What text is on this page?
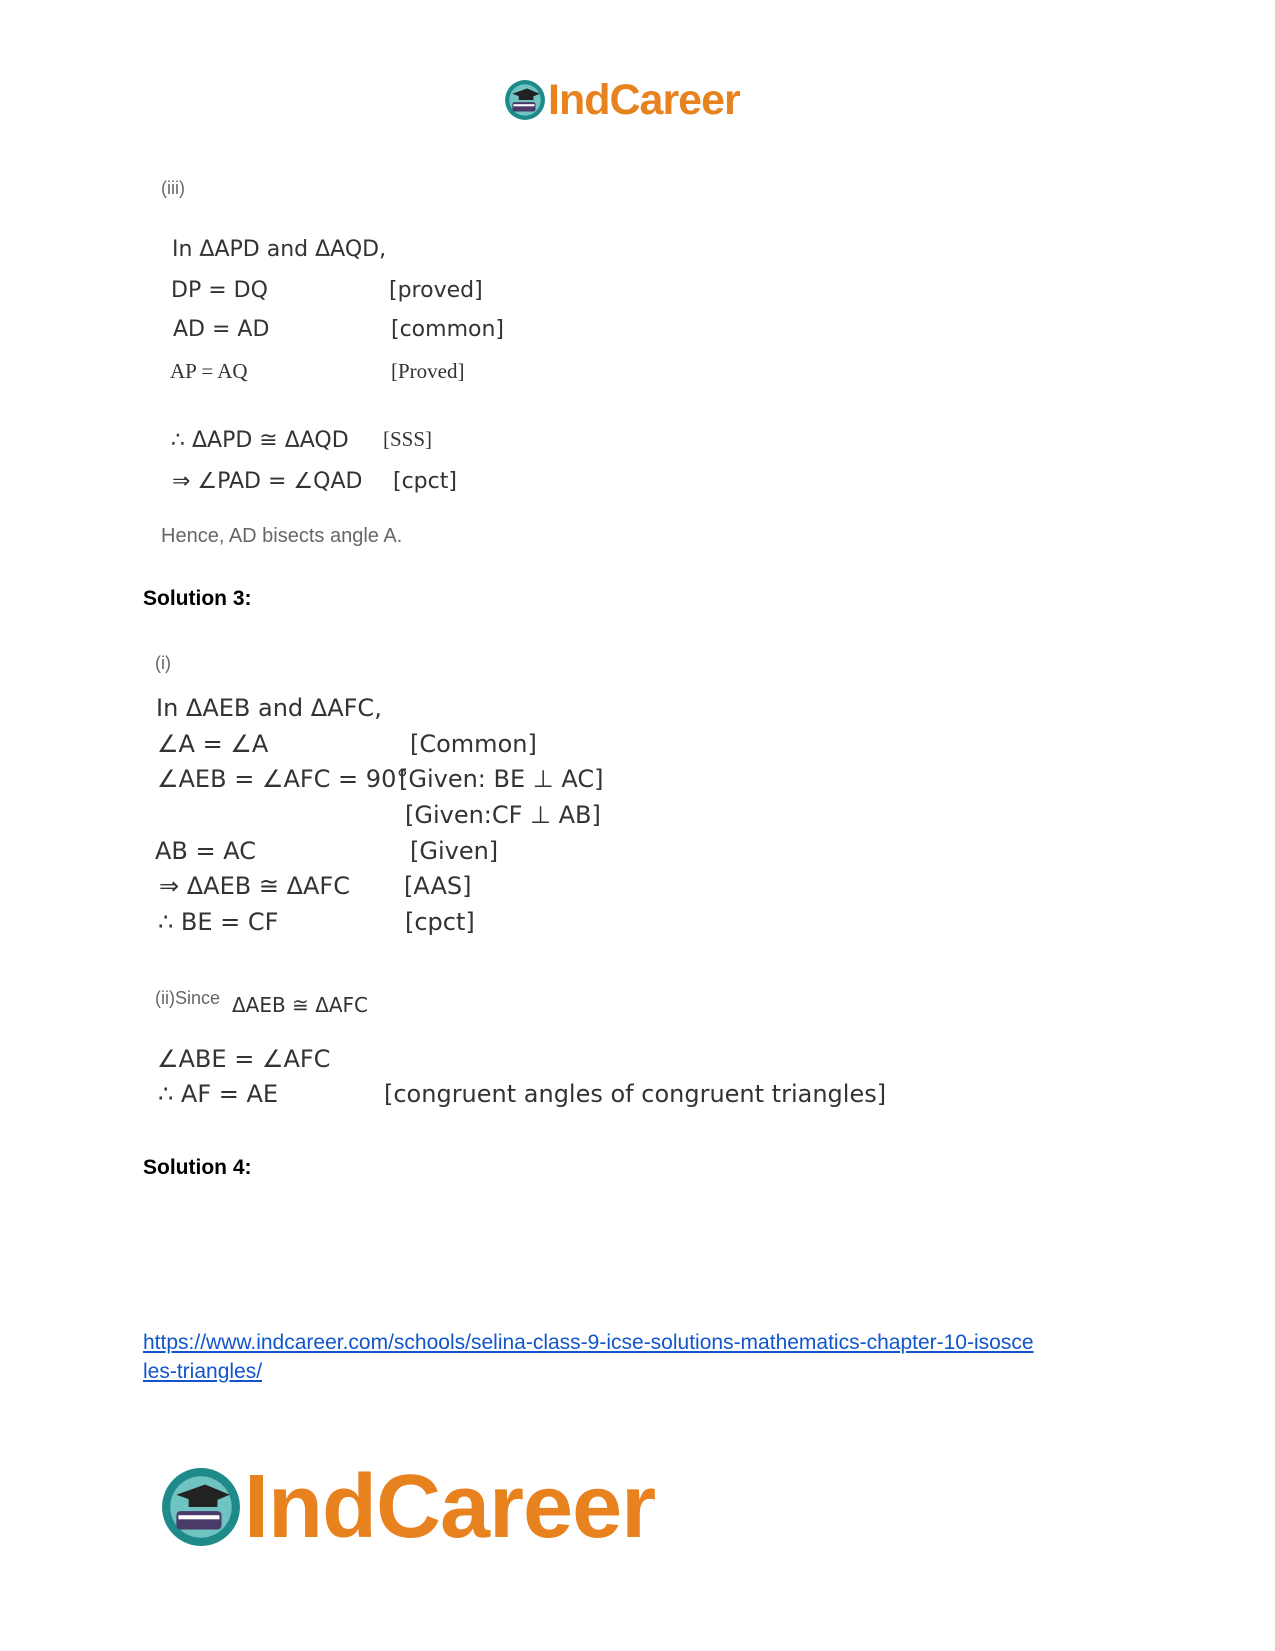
IndCareer
(iii)
In ΔAPD and ΔAQD,
DP = DQ	[proved]
AD = AD	[common]
AP = AQ	[Proved]
∴ ΔAPD ≅ ΔAQD [SSS]
⇒ ∠PAD = ∠QAD [cpct]
Hence, AD bisects angle A.
Solution 3:
(i)
In ΔAEB and ΔAFC,
∠A = ∠A	[Common]
∠AEB = ∠AFC = 90°
[Given: BE ⊥ AC]
[Given:CF ⊥ AB]
AB = AC	[Given]
⇒ ΔAEB ≅ ΔAFC [AAS]
∴ BE = CF	[cpct]
(ii)Since ΔAEB ≅ ΔAFC
∠ABE = ∠AFC
∴ AF = AE	[congruent angles of congruent triangles]
Solution 4:
https://www.indcareer.com/schools/selina-class-9-icse-solutions-mathematics-chapter-10-isosce
les-triangles/
IndCareer
